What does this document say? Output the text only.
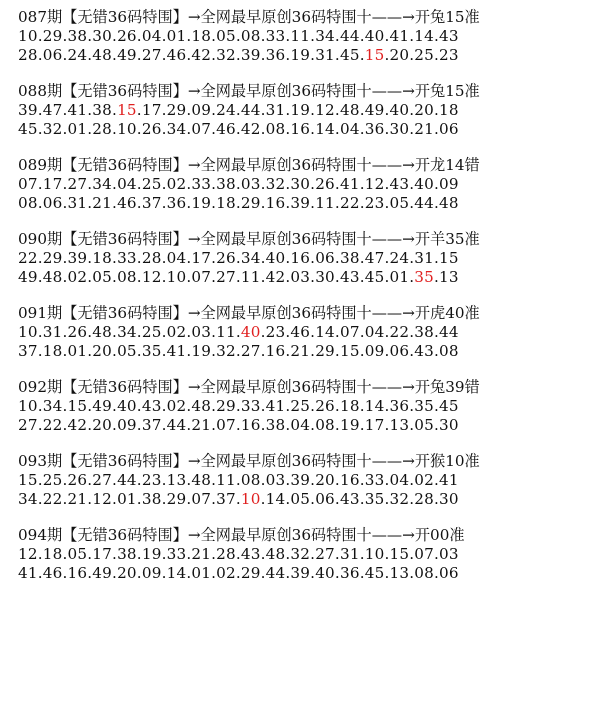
087期【无错36码特围】→全网最早原创36码特围十——→开兔15准
10.29.38.30.26.04.01.18.05.08.33.11.34.44.40.41.14.43
28.06.24.48.49.27.46.42.32.39.36.19.31.45.15.20.25.23
088期【无错36码特围】→全网最早原创36码特围十——→开兔15准
39.47.41.38.15.17.29.09.24.44.31.19.12.48.49.40.20.18
45.32.01.28.10.26.34.07.46.42.08.16.14.04.36.30.21.06
089期【无错36码特围】→全网最早原创36码特围十——→开龙14错
07.17.27.34.04.25.02.33.38.03.32.30.26.41.12.43.40.09
08.06.31.21.46.37.36.19.18.29.16.39.11.22.23.05.44.48
090期【无错36码特围】→全网最早原创36码特围十——→开羊35准
22.29.39.18.33.28.04.17.26.34.40.16.06.38.47.24.31.15
49.48.02.05.08.12.10.07.27.11.42.03.30.43.45.01.35.13
091期【无错36码特围】→全网最早原创36码特围十——→开虎40准
10.31.26.48.34.25.02.03.11.40.23.46.14.07.04.22.38.44
37.18.01.20.05.35.41.19.32.27.16.21.29.15.09.06.43.08
092期【无错36码特围】→全网最早原创36码特围十——→开兔39错
10.34.15.49.40.43.02.48.29.33.41.25.26.18.14.36.35.45
27.22.42.20.09.37.44.21.07.16.38.04.08.19.17.13.05.30
093期【无错36码特围】→全网最早原创36码特围十——→开猴10准
15.25.26.27.44.23.13.48.11.08.03.39.20.16.33.04.02.41
34.22.21.12.01.38.29.07.37.10.14.05.06.43.35.32.28.30
094期【无错36码特围】→全网最早原创36码特围十——→开00准
12.18.05.17.38.19.33.21.28.43.48.32.27.31.10.15.07.03
41.46.16.49.20.09.14.01.02.29.44.39.40.36.45.13.08.06
